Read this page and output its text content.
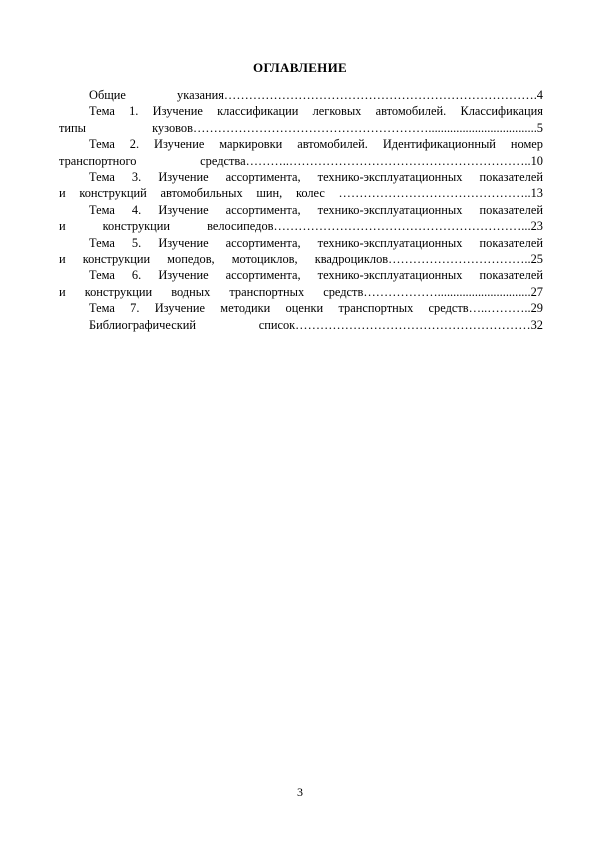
ОГЛАВЛЕНИЕ

Общие указания………………………………………………………………….4

Тема 1. Изучение классификации легковых автомобилей. Классификация

типы кузовов…………………………………………………...................................5

Тема 2. Изучение маркировки автомобилей. Идентификационный номер

транспортного средства………..…………………………………………………..10

Тема 3. Изучение ассортимента, технико-эксплуатационных показателей

и конструкций автомобильных шин, колес ………………………………………..13

Тема 4. Изучение ассортимента, технико-эксплуатационных показателей

и конструкции велосипедов……………………………………………………...23

Тема 5. Изучение ассортимента, технико-эксплуатационных показателей

и конструкции мопедов, мотоциклов, квадроциклов……………………………..25

Тема 6. Изучение ассортимента, технико-эксплуатационных показателей

и конструкции водных транспортных средств………………..............................27

Тема 7. Изучение методики оценки транспортных средств…..………..29

Библиографический список…………………………………………………32

3
